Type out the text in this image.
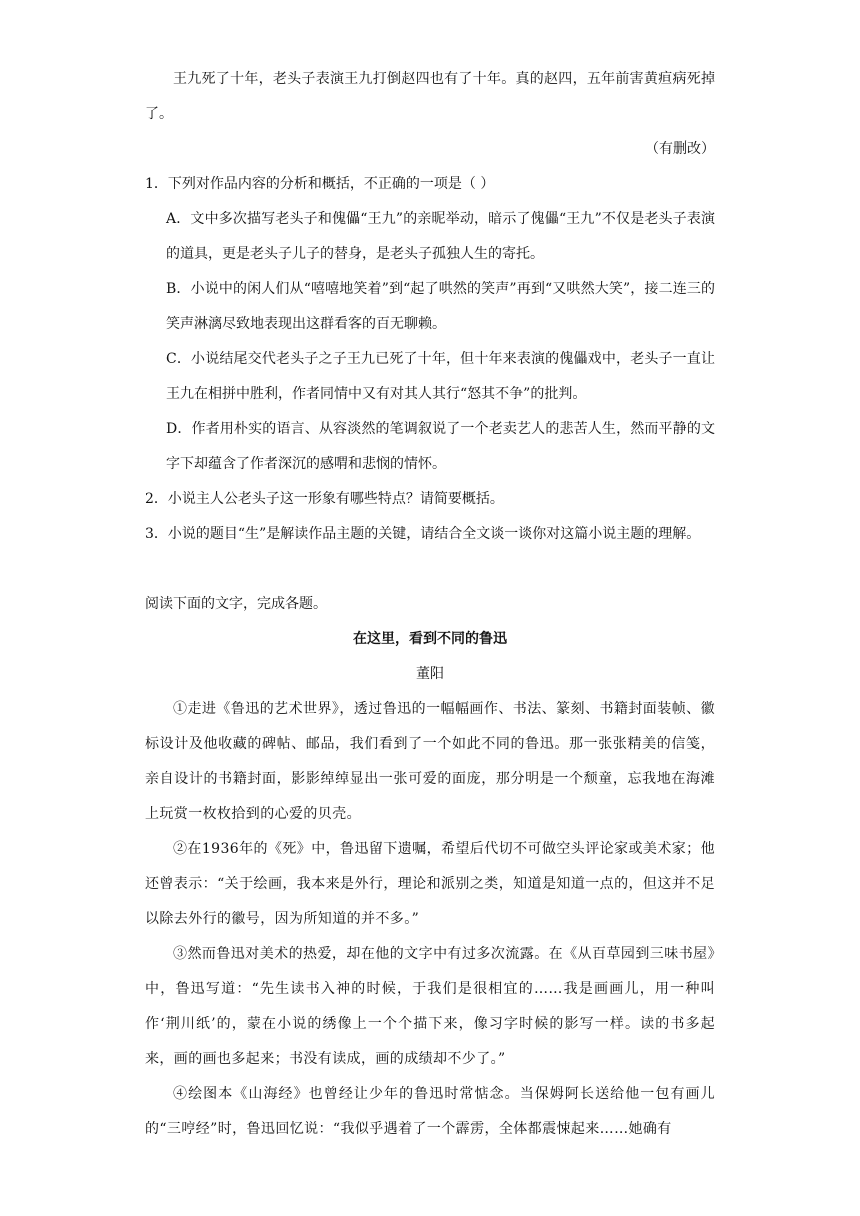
王九死了十年，老头子表演王九打倒赵四也有了十年。真的赵四，五年前害黄疸病死掉了。

（有删改）

1．下列对作品内容的分析和概括，不正确的一项是（ ）

A．文中多次描写老头子和傀儡“王九”的亲昵举动，暗示了傀儡“王九”不仅是老头子表演的道具，更是老头子儿子的替身，是老头子孤独人生的寄托。

B．小说中的闲人们从“嘻嘻地笑着”到“起了哄然的笑声”再到“又哄然大笑”，接二连三的笑声淋漓尽致地表现出这群看客的百无聊赖。

C．小说结尾交代老头子之子王九已死了十年，但十年来表演的傀儡戏中，老头子一直让王九在相拼中胜利，作者同情中又有对其人其行“怒其不争”的批判。

D．作者用朴实的语言、从容淡然的笔调叙说了一个老卖艺人的悲苦人生，然而平静的文字下却蕴含了作者深沉的感喟和悲悯的情怀。

2．小说主人公老头子这一形象有哪些特点？请简要概括。

3．小说的题目“生”是解读作品主题的关键，请结合全文谈一谈你对这篇小说主题的理解。

阅读下面的文字，完成各题。

在这里，看到不同的鲁迅

董阳

①走进《鲁迅的艺术世界》，透过鲁迅的一幅幅画作、书法、篆刻、书籍封面装帧、徽标设计及他收藏的碑帖、邮品，我们看到了一个如此不同的鲁迅。那一张张精美的信笺，亲自设计的书籍封面，影影绰绰显出一张可爱的面庞，那分明是一个颓童，忘我地在海滩上玩赏一枚枚拾到的心爱的贝壳。

②在1936年的《死》中，鲁迅留下遗嘱，希望后代切不可做空头评论家或美术家；他还曾表示：“关于绘画，我本来是外行，理论和派别之类，知道是知道一点的，但这并不足以除去外行的徽号，因为所知道的并不多。”

③然而鲁迅对美术的热爱，却在他的文字中有过多次流露。在《从百草园到三味书屋》中，鲁迅写道：“先生读书入神的时候，于我们是很相宜的……我是画画儿，用一种叫作‘荆川纸’的，蒙在小说的绣像上一个个描下来，像习字时候的影写一样。读的书多起来，画的画也多起来；书没有读成，画的成绩却不少了。”

④绘图本《山海经》也曾经让少年的鲁迅时常惦念。当保姆阿长送给他一包有画儿的“三哼经”时，鲁迅回忆说：“我似乎遇着了一个霹雳，全体都震悚起来……她确有
